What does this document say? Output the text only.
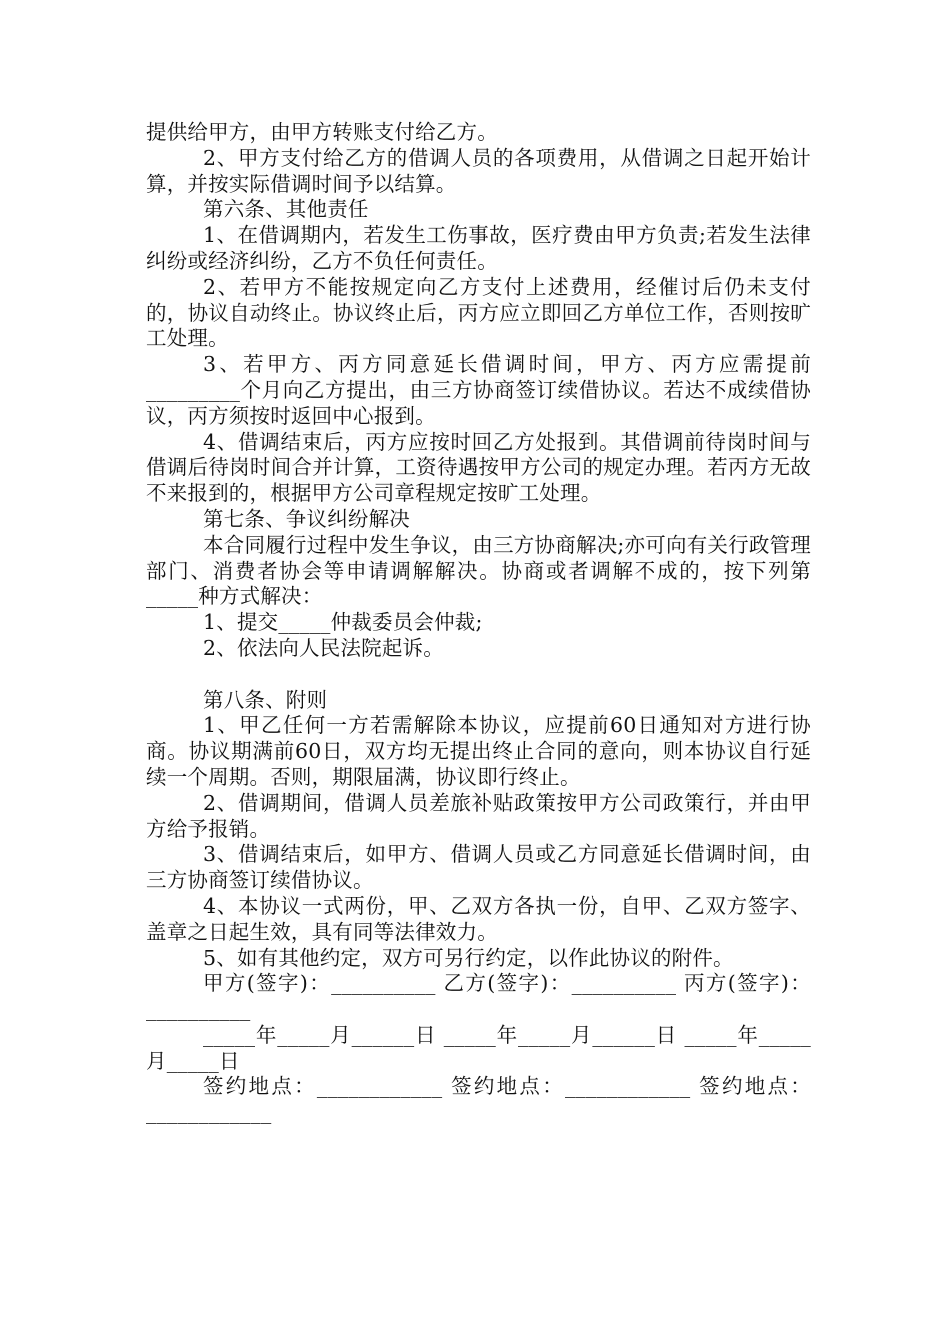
提供给甲方，由甲方转账支付给乙方。

2、甲方支付给乙方的借调人员的各项费用，从借调之日起开始计算，并按实际借调时间予以结算。

第六条、其他责任

1、在借调期内，若发生工伤事故，医疗费由甲方负责;若发生法律纠纷或经济纠纷，乙方不负任何责任。

2、若甲方不能按规定向乙方支付上述费用，经催讨后仍未支付的，协议自动终止。协议终止后，丙方应立即回乙方单位工作，否则按旷工处理。

3、若甲方、丙方同意延长借调时间，甲方、丙方应需提前_________个月向乙方提出，由三方协商签订续借协议。若达不成续借协议，丙方须按时返回中心报到。

4、借调结束后，丙方应按时回乙方处报到。其借调前待岗时间与借调后待岗时间合并计算，工资待遇按甲方公司的规定办理。若丙方无故不来报到的，根据甲方公司章程规定按旷工处理。

第七条、争议纠纷解决

本合同履行过程中发生争议，由三方协商解决;亦可向有关行政管理部门、消费者协会等申请调解解决。协商或者调解不成的，按下列第_____种方式解决：

1、提交_____仲裁委员会仲裁;

2、依法向人民法院起诉。

第八条、附则

1、甲乙任何一方若需解除本协议，应提前60日通知对方进行协商。协议期满前60日，双方均无提出终止合同的意向，则本协议自行延续一个周期。否则，期限届满，协议即行终止。

2、借调期间，借调人员差旅补贴政策按甲方公司政策行，并由甲方给予报销。

3、借调结束后，如甲方、借调人员或乙方同意延长借调时间，由三方协商签订续借协议。

4、本协议一式两份，甲、乙双方各执一份，自甲、乙双方签字、盖章之日起生效，具有同等法律效力。

5、如有其他约定，双方可另行约定，以作此协议的附件。

甲方(签字)：__________ 乙方(签字)：__________ 丙方(签字)：__________

_____年_____月______日 _____年_____月______日 _____年_____月_____日

签约地点：____________ 签约地点：____________ 签约地点：____________
